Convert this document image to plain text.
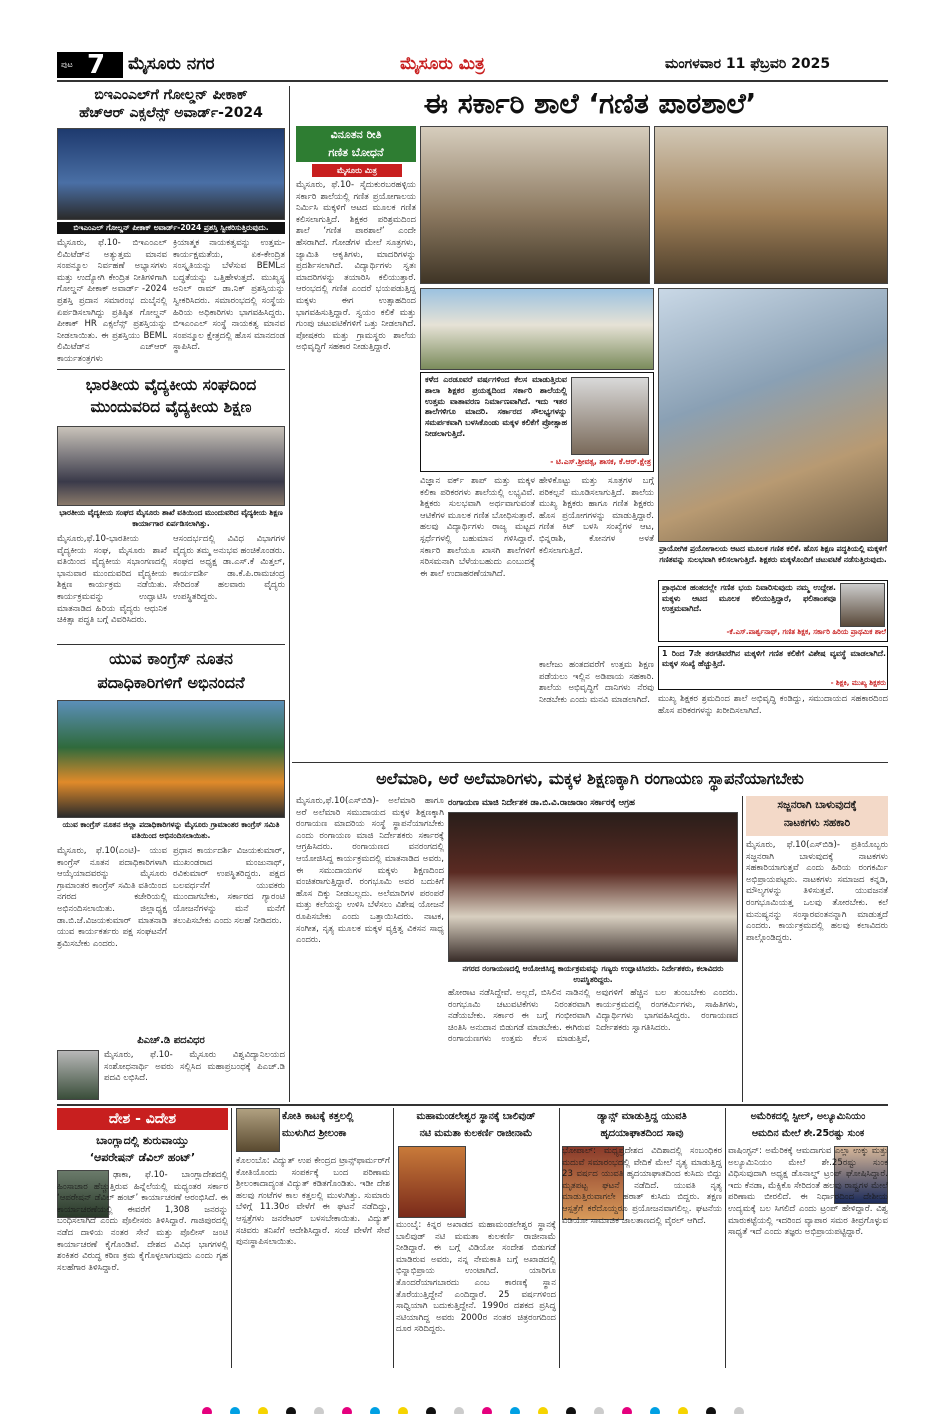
ಪುಟ 7 ಮೈಸೂರು ನಗರ	ಮೈಸೂರು ಮಿತ್ರ	ಮಂಗಳವಾರ 11 ಫೆಬ್ರವರಿ 2025
ಬಿಇಎಂಎಲ್‌ಗೆ ಗೋಲ್ಡನ್ ಪೀಕಾಕ್
ಹೆಚ್‌ಆರ್ ಎಕ್ಸಲೆನ್ಸ್ ಅವಾರ್ಡ್-2024
ಬಿಇಎಂಎಲ್ ಗೋಲ್ಡನ್ ಪೀಕಾಕ್ ಅವಾರ್ಡ್-2024 ಪ್ರಶಸ್ತಿ ಸ್ವೀಕರಿಸುತ್ತಿರುವುದು.
ಮೈಸೂರು, ಫೆ.10- ಬಿಇಎಂಎಲ್ ಲಿಮಿಟೆಡ್‌ನ ಅತ್ಯುತ್ತಮ ಮಾನವ ಸಂಪನ್ಮೂಲ ನಿರ್ವಹಣೆ ಅಭ್ಯಾಸಗಳು ಮತ್ತು ಉದ್ಯೋಗಿ ಕೇಂದ್ರಿತ ನೀತಿಗಳಿಗಾಗಿ ಗೋಲ್ಡನ್ ಪೀಕಾಕ್ ಅವಾರ್ಡ್ -2024 ಪ್ರಶಸ್ತಿ ಪ್ರದಾನ ಸಮಾರಂಭ ದುಬೈನಲ್ಲಿ ಏರ್ಪಡಿಸಲಾಗಿದ್ದು ಪ್ರತಿಷ್ಠಿತ ಗೋಲ್ಡನ್ ಪೀಕಾಕ್ HR ಎಕ್ಸಲೆನ್ಸ್ ಪ್ರಶಸ್ತಿಯನ್ನು ನೀಡಲಾಯಿತು. ಈ ಪ್ರಶಸ್ತಿಯು BEML ಲಿಮಿಟೆಡ್‌ನ ಎಚ್‌ಆರ್ ಕಾರ್ಯತಂತ್ರಗಳು
ಕ್ರಿಯಾತ್ಮಕ ನಾಯಕತ್ವವನ್ನು ಉತ್ತಮ-ಕಾರ್ಯಕ್ಷಮತೆಯ, ಏಕ-ಕೇಂದ್ರಿತ ಸಂಸ್ಕೃತಿಯನ್ನು ಬೆಳೆಸುವ BEMLನ ಬದ್ಧತೆಯನ್ನು ಒತ್ತಿಹೇಳುತ್ತದೆ. ಮುಖ್ಯಸ್ಥ ಅನಿಲ್ ರಾಮ್ ಡಾ.ನಿಕ್ ಪ್ರಶಸ್ತಿಯನ್ನು ಸ್ವೀಕರಿಸಿದರು. ಸಮಾರಂಭದಲ್ಲಿ ಸಂಸ್ಥೆಯ ಹಿರಿಯ ಅಧಿಕಾರಿಗಳು ಭಾಗವಹಿಸಿದ್ದರು. ಬಿಇಎಂಎಲ್ ಸಂಸ್ಥೆ ನಾಯಕತ್ವ ಮಾನವ ಸಂಪನ್ಮೂಲ ಕ್ಷೇತ್ರದಲ್ಲಿ ಹೊಸ ಮಾನದಂಡ ಸ್ಥಾಪಿಸಿದೆ.
ಭಾರತೀಯ ವೈದ್ಯಕೀಯ ಸಂಘದಿಂದ
ಮುಂದುವರಿದ ವೈದ್ಯಕೀಯ ಶಿಕ್ಷಣ
ಭಾರತೀಯ ವೈದ್ಯಕೀಯ ಸಂಘದ ಮೈಸೂರು ಶಾಖೆ ವತಿಯಿಂದ ಮುಂದುವರಿದ ವೈದ್ಯಕೀಯ ಶಿಕ್ಷಣ ಕಾರ್ಯಾಗಾರ ಏರ್ಪಡಿಸಲಾಗಿತ್ತು.
ಮೈಸೂರು,ಫೆ.10-ಭಾರತೀಯ ವೈದ್ಯಕೀಯ ಸಂಘ, ಮೈಸೂರು ಶಾಖೆ ವತಿಯಿಂದ ವೈದ್ಯಕೀಯ ಸಭಾಂಗಣದಲ್ಲಿ ಭಾನುವಾರ ಮುಂದುವರಿದ ವೈದ್ಯಕೀಯ ಶಿಕ್ಷಣ ಕಾರ್ಯಕ್ರಮ ನಡೆಯಿತು. ಕಾರ್ಯಕ್ರಮವನ್ನು ಉದ್ಘಾಟಿಸಿ ಮಾತನಾಡಿದ ಹಿರಿಯ ವೈದ್ಯರು ಆಧುನಿಕ ಚಿಕಿತ್ಸಾ ಪದ್ಧತಿ ಬಗ್ಗೆ ವಿವರಿಸಿದರು.
ಆಸಂದರ್ಭದಲ್ಲಿ ವಿವಿಧ ವಿಭಾಗಗಳ ವೈದ್ಯರು ತಮ್ಮ ಅನುಭವ ಹಂಚಿಕೊಂಡರು. ಸಂಘದ ಅಧ್ಯಕ್ಷ ಡಾ.ಎಸ್.ಕೆ ಮಿತ್ತಲ್, ಕಾರ್ಯದರ್ಶಿ ಡಾ.ಕೆ.ಪಿ.ರಾಮಚಂದ್ರ ಸೇರಿದಂತೆ ಹಲವಾರು ವೈದ್ಯರು ಉಪಸ್ಥಿತರಿದ್ದರು.
ಯುವ ಕಾಂಗ್ರೆಸ್ ನೂತನ
ಪದಾಧಿಕಾರಿಗಳಿಗೆ ಅಭಿನಂದನೆ
ಯುವ ಕಾಂಗ್ರೆಸ್ ನೂತನ ಜಿಲ್ಲಾ ಪದಾಧಿಕಾರಿಗಳನ್ನು ಮೈಸೂರು ಗ್ರಾಮಾಂತರ ಕಾಂಗ್ರೆಸ್ ಸಮಿತಿ ವತಿಯಿಂದ ಅಭಿನಂದಿಸಲಾಯಿತು.
ಮೈಸೂರು, ಫೆ.10(ಎಂಟಿ)- ಯುವ ಕಾಂಗ್ರೆಸ್ ನೂತನ ಪದಾಧಿಕಾರಿಗಳಾಗಿ ಆಯ್ಕೆಯಾದವರನ್ನು ಮೈಸೂರು ಗ್ರಾಮಾಂತರ ಕಾಂಗ್ರೆಸ್ ಸಮಿತಿ ವತಿಯಿಂದ ನಗರದ ಕಚೇರಿಯಲ್ಲಿ ಅಭಿನಂದಿಸಲಾಯಿತು. ಜಿಲ್ಲಾಧ್ಯಕ್ಷ ಡಾ.ಬಿ.ಜೆ.ವಿಜಯಕುಮಾರ್ ಮಾತನಾಡಿ ಯುವ ಕಾರ್ಯಕರ್ತರು ಪಕ್ಷ ಸಂಘಟನೆಗೆ ಶ್ರಮಿಸಬೇಕು ಎಂದರು.
ಪ್ರಧಾನ ಕಾರ್ಯದರ್ಶಿ ವಿಜಯಕುಮಾರ್, ಮುಖಂಡರಾದ ಮಂಜುನಾಥ್, ರವಿಕುಮಾರ್ ಉಪಸ್ಥಿತರಿದ್ದರು. ಪಕ್ಷದ ಬಲವರ್ಧನೆಗೆ ಯುವಕರು ಮುಂದಾಗಬೇಕು, ಸರ್ಕಾರದ ಗ್ಯಾರಂಟಿ ಯೋಜನೆಗಳನ್ನು ಮನೆ ಮನೆಗೆ ತಲುಪಿಸಬೇಕು ಎಂದು ಸಲಹೆ ನೀಡಿದರು.
ಪಿಎಚ್.ಡಿ ಪದವಿಧರ
ಮೈಸೂರು, ಫೆ.10- ಮೈಸೂರು ವಿಶ್ವವಿದ್ಯಾನಿಲಯದ ಸಂಶೋಧನಾರ್ಥಿ ಅವರು ಸಲ್ಲಿಸಿದ ಮಹಾಪ್ರಬಂಧಕ್ಕೆ ಪಿಎಚ್.ಡಿ ಪದವಿ ಲಭಿಸಿದೆ.
ಈ ಸರ್ಕಾರಿ ಶಾಲೆ ‘ಗಣಿತ ಪಾಠಶಾಲೆ’
ವಿನೂತನ ರೀತಿ
ಗಣಿತ ಬೋಧನೆ
ಮೈಸೂರು ಮಿತ್ರ
ಮೈಸೂರು, ಫೆ.10- ಸೈದುಕುರಬರಹಳ್ಳಿಯ ಸರ್ಕಾರಿ ಶಾಲೆಯಲ್ಲಿ ಗಣಿತ ಪ್ರಯೋಗಾಲಯ ನಿರ್ಮಿಸಿ ಮಕ್ಕಳಿಗೆ ಆಟದ ಮೂಲಕ ಗಣಿತ ಕಲಿಸಲಾಗುತ್ತಿದೆ. ಶಿಕ್ಷಕರ ಪರಿಶ್ರಮದಿಂದ ಶಾಲೆ ‘ಗಣಿತ ಪಾಠಶಾಲೆ’ ಎಂದೇ ಹೆಸರಾಗಿದೆ. ಗೋಡೆಗಳ ಮೇಲೆ ಸೂತ್ರಗಳು, ಜ್ಯಾಮಿತಿ ಆಕೃತಿಗಳು, ಮಾದರಿಗಳನ್ನು ಪ್ರದರ್ಶಿಸಲಾಗಿದೆ. ವಿದ್ಯಾರ್ಥಿಗಳು ಸ್ವತಃ ಮಾದರಿಗಳನ್ನು ತಯಾರಿಸಿ ಕಲಿಯುತ್ತಾರೆ. ಆರಂಭದಲ್ಲಿ ಗಣಿತ ಎಂದರೆ ಭಯಪಡುತ್ತಿದ್ದ ಮಕ್ಕಳು ಈಗ ಉತ್ಸಾಹದಿಂದ ಭಾಗವಹಿಸುತ್ತಿದ್ದಾರೆ. ಸ್ವಯಂ ಕಲಿಕೆ ಮತ್ತು ಗುಂಪು ಚಟುವಟಿಕೆಗಳಿಗೆ ಒತ್ತು ನೀಡಲಾಗಿದೆ. ಪೋಷಕರು ಮತ್ತು ಗ್ರಾಮಸ್ಥರು ಶಾಲೆಯ ಅಭಿವೃದ್ಧಿಗೆ ಸಹಕಾರ ನೀಡುತ್ತಿದ್ದಾರೆ.
ಕಳೆದ ಎರಡೂವರೆ ವರ್ಷಗಳಿಂದ ಕೆಲಸ ಮಾಡುತ್ತಿರುವ ಶಾಲಾ ಶಿಕ್ಷಕರ ಪ್ರಯತ್ನದಿಂದ ಸರ್ಕಾರಿ ಶಾಲೆಯಲ್ಲಿ ಉತ್ತಮ ವಾತಾವರಣ ನಿರ್ಮಾಣವಾಗಿದೆ. ಇದು ಇತರ ಶಾಲೆಗಳಿಗೂ ಮಾದರಿ. ಸರ್ಕಾರದ ಸೌಲಭ್ಯಗಳನ್ನು ಸಮರ್ಪಕವಾಗಿ ಬಳಸಿಕೊಂಡು ಮಕ್ಕಳ ಕಲಿಕೆಗೆ ಪ್ರೋತ್ಸಾಹ ನೀಡಲಾಗುತ್ತಿದೆ.
- ಟಿ.ಎಸ್.ಶ್ರೀವತ್ಸ, ಶಾಸಕ, ಕೆ.ಆರ್.ಕ್ಷೇತ್ರ
ಪ್ರಾಯೋಗಿಕ ಪ್ರಯೋಗಾಲಯ ಆಟದ ಮೂಲಕ ಗಣಿತ ಕಲಿಕೆ. ಹೊಸ ಶಿಕ್ಷಣ ಪದ್ಧತಿಯಲ್ಲಿ ಮಕ್ಕಳಿಗೆ ಗಣಿತವನ್ನು ಸುಲಭವಾಗಿ ಕಲಿಸಲಾಗುತ್ತಿದೆ. ಶಿಕ್ಷಕರು ಮಕ್ಕಳೊಂದಿಗೆ ಚಟುವಟಿಕೆ ನಡೆಸುತ್ತಿರುವುದು.
ವಿಜ್ಞಾನ ವರ್ಕ್ ಶಾಪ್ ಮತ್ತು ಮಕ್ಕಳ ಕಲಿಕಾ ಪರಿಕರಗಳು ಶಾಲೆಯಲ್ಲಿ ಲಭ್ಯವಿವೆ. ಶಿಕ್ಷಕರು ಸುಲಭವಾಗಿ ಅರ್ಥವಾಗುವಂತೆ ಆಟಿಕೆಗಳ ಮೂಲಕ ಗಣಿತ ಬೋಧಿಸುತ್ತಾರೆ. ಹಲವು ವಿದ್ಯಾರ್ಥಿಗಳು ರಾಜ್ಯ ಮಟ್ಟದ ಸ್ಪರ್ಧೆಗಳಲ್ಲಿ ಬಹುಮಾನ ಗಳಿಸಿದ್ದಾರೆ. ಸರ್ಕಾರಿ ಶಾಲೆಯೂ ಖಾಸಗಿ ಶಾಲೆಗಳಿಗೆ ಸರಿಸಮನಾಗಿ ಬೆಳೆಯಬಹುದು ಎಂಬುದಕ್ಕೆ ಈ ಶಾಲೆ ಉದಾಹರಣೆಯಾಗಿದೆ.
ಹೇಳಿಕೊಟ್ಟು ಮತ್ತು ಸೂತ್ರಗಳ ಬಗ್ಗೆ ಪರಿಕಲ್ಪನೆ ಮೂಡಿಸಲಾಗುತ್ತಿದೆ. ಶಾಲೆಯ ಮುಖ್ಯ ಶಿಕ್ಷಕರು ಹಾಗೂ ಗಣಿತ ಶಿಕ್ಷಕರು ಹೊಸ ಪ್ರಯೋಗಗಳನ್ನು ಮಾಡುತ್ತಿದ್ದಾರೆ. ಗಣಿತ ಕಿಟ್ ಬಳಸಿ ಸಂಖ್ಯೆಗಳ ಆಟ, ಭಿನ್ನರಾಶಿ, ಕೋನಗಳ ಅಳತೆ ಕಲಿಸಲಾಗುತ್ತಿದೆ.
ಕಾಲೇಜು ಹಂತದವರೆಗೆ ಉತ್ತಮ ಶಿಕ್ಷಣ ಪಡೆಯಲು ಇಲ್ಲಿನ ಅಡಿಪಾಯ ಸಹಕಾರಿ. ಶಾಲೆಯ ಅಭಿವೃದ್ಧಿಗೆ ದಾನಿಗಳು ನೆರವು ನೀಡಬೇಕು ಎಂದು ಮನವಿ ಮಾಡಲಾಗಿದೆ.
ಪ್ರಾಥಮಿಕ ಹಂತದಲ್ಲೇ ಗಣಿತ ಭಯ ನಿವಾರಿಸುವುದು ನಮ್ಮ ಉದ್ದೇಶ. ಮಕ್ಕಳು ಆಟದ ಮೂಲಕ ಕಲಿಯುತ್ತಿದ್ದಾರೆ, ಫಲಿತಾಂಶವೂ ಉತ್ತಮವಾಗಿದೆ.
-ಕೆ.ಎಸ್.ಪಾರ್ಶ್ವನಾಥ್, ಗಣಿತ ಶಿಕ್ಷಕ, ಸರ್ಕಾರಿ ಹಿರಿಯ ಪ್ರಾಥಮಿಕ ಶಾಲೆ
1 ರಿಂದ 7ನೇ ತರಗತಿವರೆಗಿನ ಮಕ್ಕಳಿಗೆ ಗಣಿತ ಕಲಿಕೆಗೆ ವಿಶೇಷ ವ್ಯವಸ್ಥೆ ಮಾಡಲಾಗಿದೆ. ಮಕ್ಕಳ ಸಂಖ್ಯೆ ಹೆಚ್ಚುತ್ತಿದೆ.
- ಶಿಕ್ಷಕಿ, ಮುಖ್ಯ ಶಿಕ್ಷಕರು
ಮುಖ್ಯ ಶಿಕ್ಷಕರ ಶ್ರಮದಿಂದ ಶಾಲೆ ಅಭಿವೃದ್ಧಿ ಕಂಡಿದ್ದು, ಸಮುದಾಯದ ಸಹಕಾರದಿಂದ ಹೊಸ ಪರಿಕರಗಳನ್ನು ಖರೀದಿಸಲಾಗಿದೆ.
ಅಲೆಮಾರಿ, ಅರೆ ಅಲೆಮಾರಿಗಳು, ಮಕ್ಕಳ ಶಿಕ್ಷಣಕ್ಕಾಗಿ ರಂಗಾಯಣ ಸ್ಥಾಪನೆಯಾಗಬೇಕು
ಮೈಸೂರು,ಫೆ.10(ಎಸ್‌ಬಿಡಿ)- ಅಲೆಮಾರಿ ಹಾಗೂ ಅರೆ ಅಲೆಮಾರಿ ಸಮುದಾಯದ ಮಕ್ಕಳ ಶಿಕ್ಷಣಕ್ಕಾಗಿ ರಂಗಾಯಣ ಮಾದರಿಯ ಸಂಸ್ಥೆ ಸ್ಥಾಪನೆಯಾಗಬೇಕು ಎಂದು ರಂಗಾಯಣ ಮಾಜಿ ನಿರ್ದೇಶಕರು ಸರ್ಕಾರಕ್ಕೆ ಆಗ್ರಹಿಸಿದರು. ರಂಗಾಯಣದ ವನರಂಗದಲ್ಲಿ ಆಯೋಜಿಸಿದ್ದ ಕಾರ್ಯಕ್ರಮದಲ್ಲಿ ಮಾತನಾಡಿದ ಅವರು, ಈ ಸಮುದಾಯಗಳ ಮಕ್ಕಳು ಶಿಕ್ಷಣದಿಂದ ವಂಚಿತರಾಗುತ್ತಿದ್ದಾರೆ. ರಂಗಭೂಮಿ ಅವರ ಬದುಕಿಗೆ ಹೊಸ ದಿಕ್ಕು ನೀಡಬಲ್ಲದು. ಅಲೆಮಾರಿಗಳ ಪರಂಪರೆ ಮತ್ತು ಕಲೆಯನ್ನು ಉಳಿಸಿ ಬೆಳೆಸಲು ವಿಶೇಷ ಯೋಜನೆ ರೂಪಿಸಬೇಕು ಎಂದು ಒತ್ತಾಯಿಸಿದರು. ನಾಟಕ, ಸಂಗೀತ, ನೃತ್ಯ ಮೂಲಕ ಮಕ್ಕಳ ವ್ಯಕ್ತಿತ್ವ ವಿಕಸನ ಸಾಧ್ಯ ಎಂದರು.
ರಂಗಾಯಣ ಮಾಜಿ ನಿರ್ದೇಶಕ ಡಾ.ಬಿ.ವಿ.ರಾಜಾರಾಂ ಸರ್ಕಾರಕ್ಕೆ ಆಗ್ರಹ
ನಗರದ ರಂಗಾಯಣದಲ್ಲಿ ಆಯೋಜಿಸಿದ್ದ ಕಾರ್ಯಕ್ರಮವನ್ನು ಗಣ್ಯರು ಉದ್ಘಾಟಿಸಿದರು. ನಿರ್ದೇಶಕರು, ಕಲಾವಿದರು ಉಪಸ್ಥಿತರಿದ್ದರು.
ಹೋರಾಟ ನಡೆಸಿದ್ದೇವೆ. ಅಲ್ಲದೆ, ಬಿಸಿಲಿನ ನಾಡಿನಲ್ಲಿ ರಂಗಭೂಮಿ ಚಟುವಟಿಕೆಗಳು ನಿರಂತರವಾಗಿ ನಡೆಯಬೇಕು. ಸರ್ಕಾರ ಈ ಬಗ್ಗೆ ಗಂಭೀರವಾಗಿ ಚಿಂತಿಸಿ ಅನುದಾನ ಬಿಡುಗಡೆ ಮಾಡಬೇಕು. ಈಗಿರುವ ರಂಗಾಯಣಗಳು ಉತ್ತಮ ಕೆಲಸ ಮಾಡುತ್ತಿವೆ, ಅವುಗಳಿಗೆ ಹೆಚ್ಚಿನ ಬಲ ತುಂಬಬೇಕು ಎಂದರು. ಕಾರ್ಯಕ್ರಮದಲ್ಲಿ ರಂಗಕರ್ಮಿಗಳು, ಸಾಹಿತಿಗಳು, ವಿದ್ಯಾರ್ಥಿಗಳು ಭಾಗವಹಿಸಿದ್ದರು. ರಂಗಾಯಣದ ನಿರ್ದೇಶಕರು ಸ್ವಾಗತಿಸಿದರು.
ಸಜ್ಜನರಾಗಿ ಬಾಳುವುದಕ್ಕೆ
ನಾಟಕಗಳು ಸಹಕಾರಿ
ಮೈಸೂರು, ಫೆ.10(ಎಸ್‌ಬಿಡಿ)- ಪ್ರತಿಯೊಬ್ಬರು ಸಜ್ಜನರಾಗಿ ಬಾಳುವುದಕ್ಕೆ ನಾಟಕಗಳು ಸಹಕಾರಿಯಾಗುತ್ತವೆ ಎಂದು ಹಿರಿಯ ರಂಗಕರ್ಮಿ ಅಭಿಪ್ರಾಯಪಟ್ಟರು. ನಾಟಕಗಳು ಸಮಾಜದ ಕನ್ನಡಿ, ಮೌಲ್ಯಗಳನ್ನು ತಿಳಿಸುತ್ತವೆ. ಯುವಜನತೆ ರಂಗಭೂಮಿಯತ್ತ ಒಲವು ತೋರಬೇಕು. ಕಲೆ ಮನುಷ್ಯನನ್ನು ಸಂಸ್ಕಾರವಂತನನ್ನಾಗಿ ಮಾಡುತ್ತದೆ ಎಂದರು. ಕಾರ್ಯಕ್ರಮದಲ್ಲಿ ಹಲವು ಕಲಾವಿದರು ಪಾಲ್ಗೊಂಡಿದ್ದರು.
ದೇಶ - ವಿದೇಶ
ಬಾಂಗ್ಲಾದಲ್ಲಿ ಶುರುವಾಯ್ತು
‘ಆಪರೇಷನ್ ಡೆವಿಲ್ ಹಂಟ್’
ಢಾಕಾ, ಫೆ.10- ಬಾಂಗ್ಲಾದೇಶದಲ್ಲಿ ಹಿಂಸಾಚಾರ ಹೆಚ್ಚುತ್ತಿರುವ ಹಿನ್ನೆಲೆಯಲ್ಲಿ ಮಧ್ಯಂತರ ಸರ್ಕಾರ ‘ಆಪರೇಷನ್ ಡೆವಿಲ್ ಹಂಟ್’ ಕಾರ್ಯಾಚರಣೆ ಆರಂಭಿಸಿದೆ. ಈ ಕಾರ್ಯಾಚರಣೆಯಲ್ಲಿ ಈವರೆಗೆ 1,308 ಜನರನ್ನು ಬಂಧಿಸಲಾಗಿದೆ ಎಂದು ಪೊಲೀಸರು ತಿಳಿಸಿದ್ದಾರೆ. ಗಾಜಿಪುರದಲ್ಲಿ ನಡೆದ ದಾಳಿಯ ನಂತರ ಸೇನೆ ಮತ್ತು ಪೊಲೀಸ್ ಜಂಟಿ ಕಾರ್ಯಾಚರಣೆ ಕೈಗೊಂಡಿವೆ. ದೇಶದ ವಿವಿಧ ಭಾಗಗಳಲ್ಲಿ ಶಂಕಿತರ ವಿರುದ್ಧ ಕಠಿಣ ಕ್ರಮ ಕೈಗೊಳ್ಳಲಾಗುವುದು ಎಂದು ಗೃಹ ಸಲಹೆಗಾರ ತಿಳಿಸಿದ್ದಾರೆ.
ಕೋತಿ ಕಾಟಕ್ಕೆ ಕತ್ತಲಲ್ಲಿ
ಮುಳುಗಿದ ಶ್ರೀಲಂಕಾ
ಕೊಲಂಬೊ: ವಿದ್ಯುತ್ ಉಪ ಕೇಂದ್ರದ ಟ್ರಾನ್ಸ್‌ಫಾರ್ಮರ್‌ಗೆ ಕೋತಿಯೊಂದು ಸಂಪರ್ಕಕ್ಕೆ ಬಂದ ಪರಿಣಾಮ ಶ್ರೀಲಂಕಾದಾದ್ಯಂತ ವಿದ್ಯುತ್ ಕಡಿತಗೊಂಡಿತು. ಇಡೀ ದೇಶ ಹಲವು ಗಂಟೆಗಳ ಕಾಲ ಕತ್ತಲಲ್ಲಿ ಮುಳುಗಿತ್ತು. ಸುಮಾರು ಬೆಳಿಗ್ಗೆ 11.30ರ ವೇಳೆಗೆ ಈ ಘಟನೆ ನಡೆದಿದ್ದು, ಆಸ್ಪತ್ರೆಗಳು ಜನರೇಟರ್ ಬಳಸಬೇಕಾಯಿತು. ವಿದ್ಯುತ್ ಸಚಿವರು ತನಿಖೆಗೆ ಆದೇಶಿಸಿದ್ದಾರೆ. ಸಂಜೆ ವೇಳೆಗೆ ಸೇವೆ ಪುನಃಸ್ಥಾಪಿಸಲಾಯಿತು.
ಮಹಾಮಂಡಲೇಶ್ವರ ಸ್ಥಾನಕ್ಕೆ ಬಾಲಿವುಡ್
ನಟಿ ಮಮತಾ ಕುಲಕರ್ಣಿ ರಾಜೀನಾಮೆ
ಮುಂಬೈ: ಕಿನ್ನರ ಅಖಾಡದ ಮಹಾಮಂಡಲೇಶ್ವರ ಸ್ಥಾನಕ್ಕೆ ಬಾಲಿವುಡ್ ನಟಿ ಮಮತಾ ಕುಲಕರ್ಣಿ ರಾಜೀನಾಮೆ ನೀಡಿದ್ದಾರೆ. ಈ ಬಗ್ಗೆ ವಿಡಿಯೋ ಸಂದೇಶ ಬಿಡುಗಡೆ ಮಾಡಿರುವ ಅವರು, ನನ್ನ ನೇಮಕಾತಿ ಬಗ್ಗೆ ಅಖಾಡದಲ್ಲಿ ಭಿನ್ನಾಭಿಪ್ರಾಯ ಉಂಟಾಗಿದೆ. ಯಾರಿಗೂ ತೊಂದರೆಯಾಗಬಾರದು ಎಂಬ ಕಾರಣಕ್ಕೆ ಸ್ಥಾನ ತೊರೆಯುತ್ತಿದ್ದೇನೆ ಎಂದಿದ್ದಾರೆ. 25 ವರ್ಷಗಳಿಂದ ಸಾಧ್ವಿಯಾಗಿ ಬದುಕುತ್ತಿದ್ದೇನೆ. 1990ರ ದಶಕದ ಪ್ರಸಿದ್ಧ ನಟಿಯಾಗಿದ್ದ ಅವರು 2000ರ ನಂತರ ಚಿತ್ರರಂಗದಿಂದ ದೂರ ಸರಿದಿದ್ದರು.
ಡ್ಯಾನ್ಸ್ ಮಾಡುತ್ತಿದ್ದ ಯುವತಿ
ಹೃದಯಾಘಾತದಿಂದ ಸಾವು
ಭೋಪಾಲ್: ಮಧ್ಯಪ್ರದೇಶದ ವಿದಿಶಾದಲ್ಲಿ ಸಂಬಂಧಿಕರ ಮದುವೆ ಸಮಾರಂಭದಲ್ಲಿ ವೇದಿಕೆ ಮೇಲೆ ನೃತ್ಯ ಮಾಡುತ್ತಿದ್ದ 23 ವರ್ಷದ ಯುವತಿ ಹೃದಯಾಘಾತದಿಂದ ಕುಸಿದು ಬಿದ್ದು ಮೃತಪಟ್ಟ ಘಟನೆ ನಡೆದಿದೆ. ಯುವತಿ ನೃತ್ಯ ಮಾಡುತ್ತಿರುವಾಗಲೇ ಹಠಾತ್ ಕುಸಿದು ಬಿದ್ದರು. ತಕ್ಷಣ ಆಸ್ಪತ್ರೆಗೆ ಕರೆದೊಯ್ದರೂ ಪ್ರಯೋಜನವಾಗಲಿಲ್ಲ. ಘಟನೆಯ ವಿಡಿಯೋ ಸಾಮಾಜಿಕ ಜಾಲತಾಣದಲ್ಲಿ ವೈರಲ್ ಆಗಿದೆ.
ಅಮೆರಿಕದಲ್ಲಿ ಸ್ಟೀಲ್, ಅಲ್ಯೂಮಿನಿಯಂ
ಆಮದಿನ ಮೇಲೆ ಶೇ.25ರಷ್ಟು ಸುಂಕ
ವಾಷಿಂಗ್ಟನ್: ಅಮೆರಿಕಕ್ಕೆ ಆಮದಾಗುವ ಎಲ್ಲಾ ಉಕ್ಕು ಮತ್ತು ಅಲ್ಯೂಮಿನಿಯಂ ಮೇಲೆ ಶೇ.25ರಷ್ಟು ಸುಂಕ ವಿಧಿಸುವುದಾಗಿ ಅಧ್ಯಕ್ಷ ಡೊನಾಲ್ಡ್ ಟ್ರಂಪ್ ಘೋಷಿಸಿದ್ದಾರೆ. ಇದು ಕೆನಡಾ, ಮೆಕ್ಸಿಕೊ ಸೇರಿದಂತೆ ಹಲವು ರಾಷ್ಟ್ರಗಳ ಮೇಲೆ ಪರಿಣಾಮ ಬೀರಲಿದೆ. ಈ ನಿರ್ಧಾರದಿಂದ ದೇಶೀಯ ಉದ್ಯಮಕ್ಕೆ ಬಲ ಸಿಗಲಿದೆ ಎಂದು ಟ್ರಂಪ್ ಹೇಳಿದ್ದಾರೆ. ವಿಶ್ವ ಮಾರುಕಟ್ಟೆಯಲ್ಲಿ ಇದರಿಂದ ವ್ಯಾಪಾರ ಸಮರ ತೀವ್ರಗೊಳ್ಳುವ ಸಾಧ್ಯತೆ ಇದೆ ಎಂದು ತಜ್ಞರು ಅಭಿಪ್ರಾಯಪಟ್ಟಿದ್ದಾರೆ.
